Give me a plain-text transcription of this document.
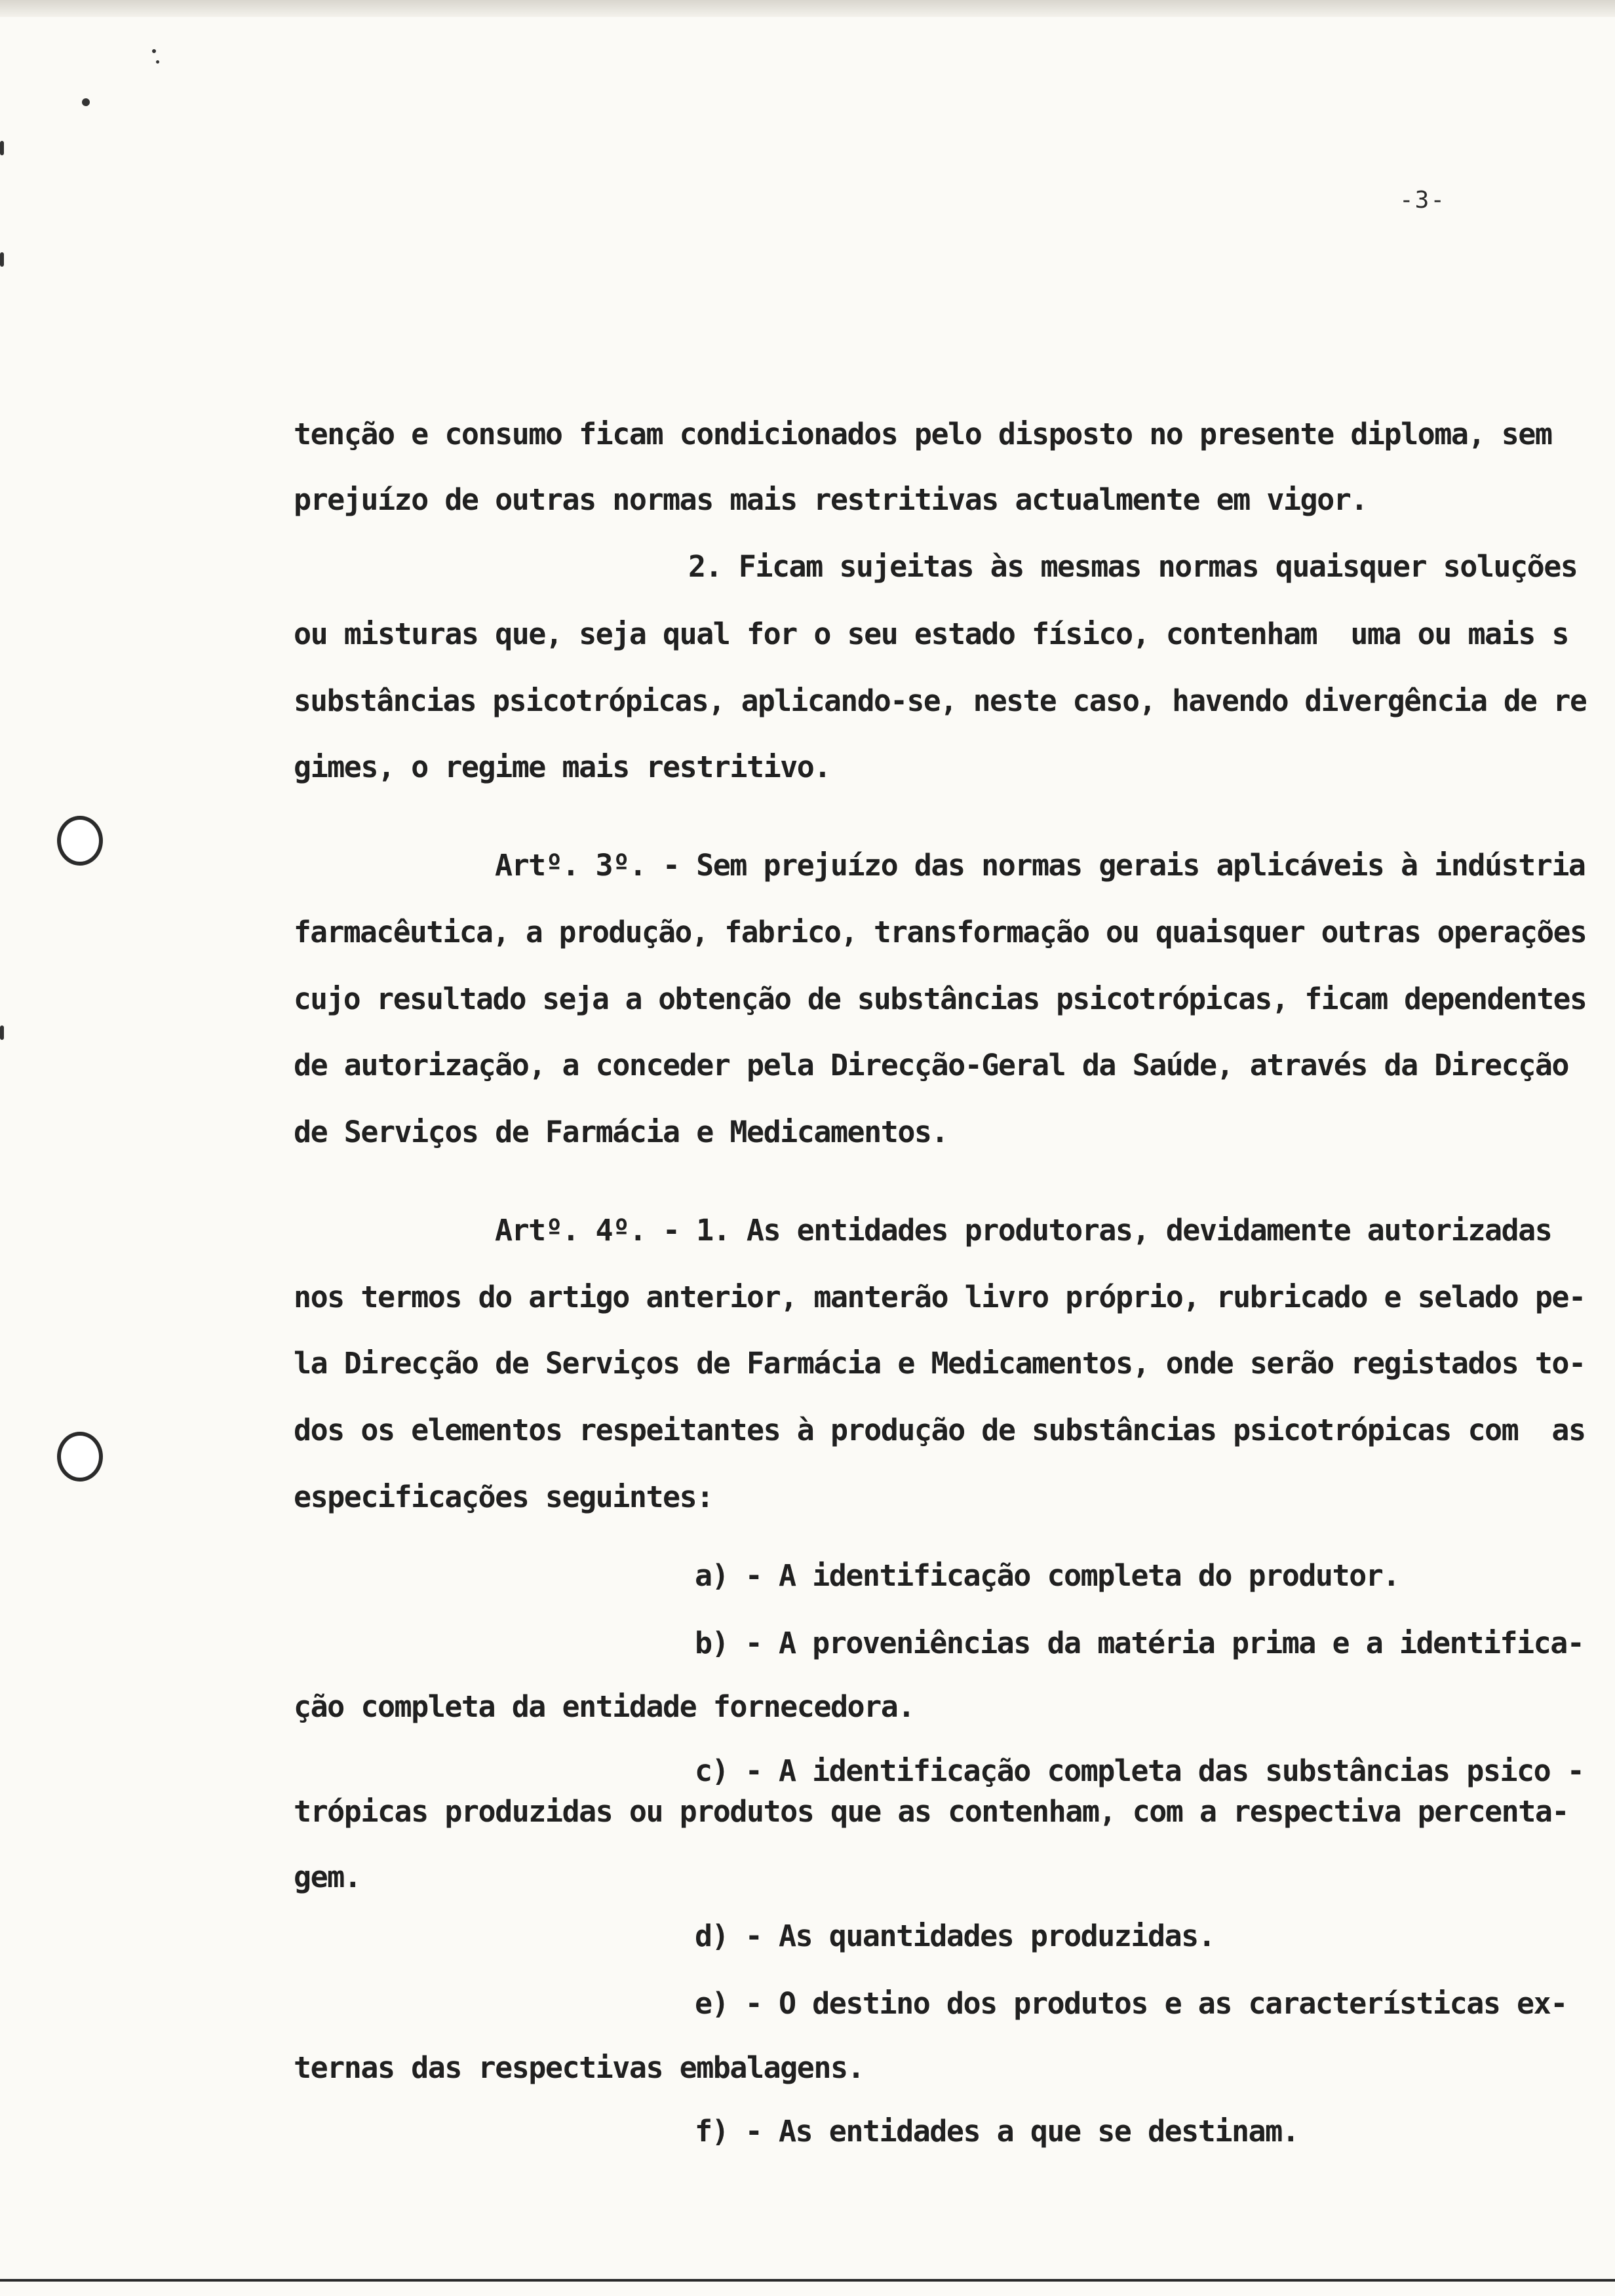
-3-
tenção e consumo ficam condicionados pelo disposto no presente diploma, sem
prejuízo de outras normas mais restritivas actualmente em vigor.
2. Ficam sujeitas às mesmas normas quaisquer soluções
ou misturas que, seja qual for o seu estado físico, contenham  uma ou mais s
substâncias psicotrópicas, aplicando-se, neste caso, havendo divergência de re
gimes, o regime mais restritivo.
Artº. 3º. - Sem prejuízo das normas gerais aplicáveis à indústria
farmacêutica, a produção, fabrico, transformação ou quaisquer outras operações
cujo resultado seja a obtenção de substâncias psicotrópicas, ficam dependentes
de autorização, a conceder pela Direcção-Geral da Saúde, através da Direcção
de Serviços de Farmácia e Medicamentos.
Artº. 4º. - 1. As entidades produtoras, devidamente autorizadas
nos termos do artigo anterior, manterão livro próprio, rubricado e selado pe-
la Direcção de Serviços de Farmácia e Medicamentos, onde serão registados to-
dos os elementos respeitantes à produção de substâncias psicotrópicas com  as
especificações seguintes:
a) - A identificação completa do produtor.
b) - A proveniências da matéria prima e a identifica-
ção completa da entidade fornecedora.
c) - A identificação completa das substâncias psico -
trópicas produzidas ou produtos que as contenham, com a respectiva percenta-
gem.
d) - As quantidades produzidas.
e) - O destino dos produtos e as características ex-
ternas das respectivas embalagens.
f) - As entidades a que se destinam.
